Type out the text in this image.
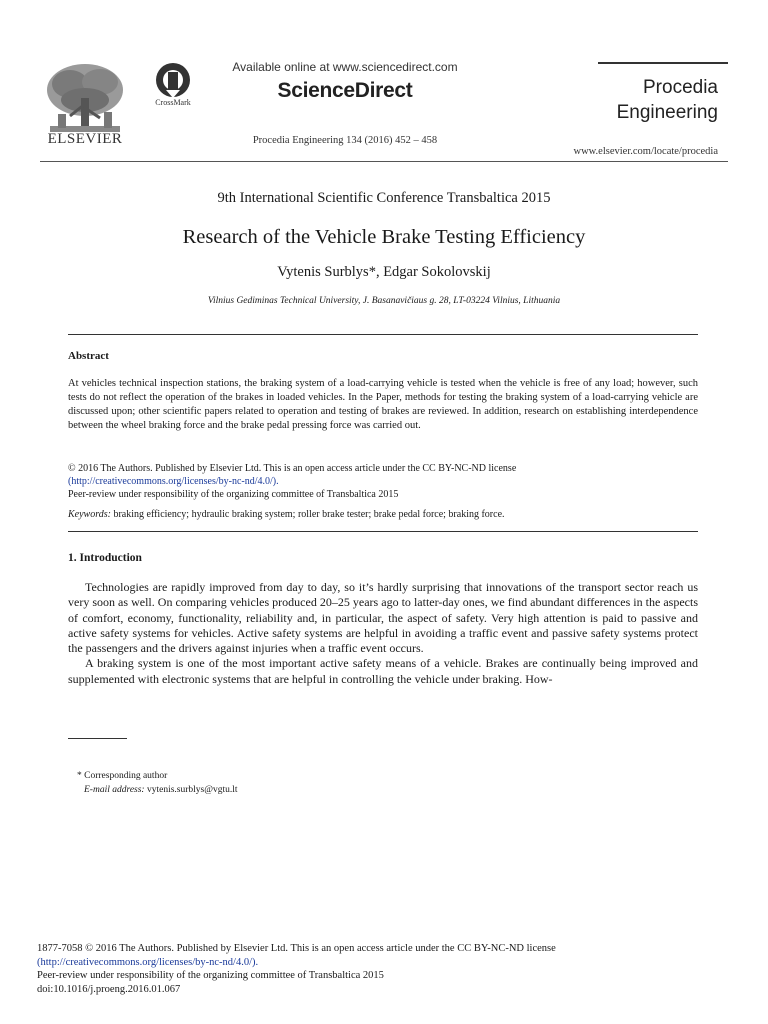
ELSEVIER
CrossMark
Available online at www.sciencedirect.com
ScienceDirect
Procedia Engineering 134 (2016) 452 – 458
Procedia
Engineering
www.elsevier.com/locate/procedia
9th International Scientific Conference Transbaltica 2015
Research of the Vehicle Brake Testing Efficiency
Vytenis Surblys*, Edgar Sokolovskij
Vilnius Gediminas Technical University, J. Basanavičiaus g. 28, LT-03224 Vilnius, Lithuania
Abstract
At vehicles technical inspection stations, the braking system of a load-carrying vehicle is tested when the vehicle is free of any load; however, such tests do not reflect the operation of the brakes in loaded vehicles. In the Paper, methods for testing the braking system of a load-carrying vehicle are discussed upon; other scientific papers related to operation and testing of brakes are reviewed. In addition, research on establishing interdependence between the wheel braking force and the brake pedal pressing force was carried out.
© 2016 The Authors. Published by Elsevier Ltd. This is an open access article under the CC BY-NC-ND license
(http://creativecommons.org/licenses/by-nc-nd/4.0/).
Peer-review under responsibility of the organizing committee of Transbaltica 2015
Keywords: braking efficiency; hydraulic braking system; roller brake tester; brake pedal force; braking force.
1. Introduction

Technologies are rapidly improved from day to day, so it’s hardly surprising that innovations of the transport sector reach us very soon as well. On comparing vehicles produced 20–25 years ago to latter-day ones, we find abundant differences in the aspects of comfort, economy, functionality, reliability and, in particular, the aspect of safety. Very high attention is paid to passive and active safety systems for vehicles. Active safety systems are helpful in avoiding a traffic event and passive safety systems protect the passengers and the drivers against injuries when a traffic event occurs.

A braking system is one of the most important active safety means of a vehicle. Brakes are continually being improved and supplemented with electronic systems that are helpful in controlling the vehicle under braking. How-

* Corresponding author
E-mail address: vytenis.surblys@vgtu.lt
1877-7058 © 2016 The Authors. Published by Elsevier Ltd. This is an open access article under the CC BY-NC-ND license
(http://creativecommons.org/licenses/by-nc-nd/4.0/).
Peer-review under responsibility of the organizing committee of Transbaltica 2015
doi:10.1016/j.proeng.2016.01.067
